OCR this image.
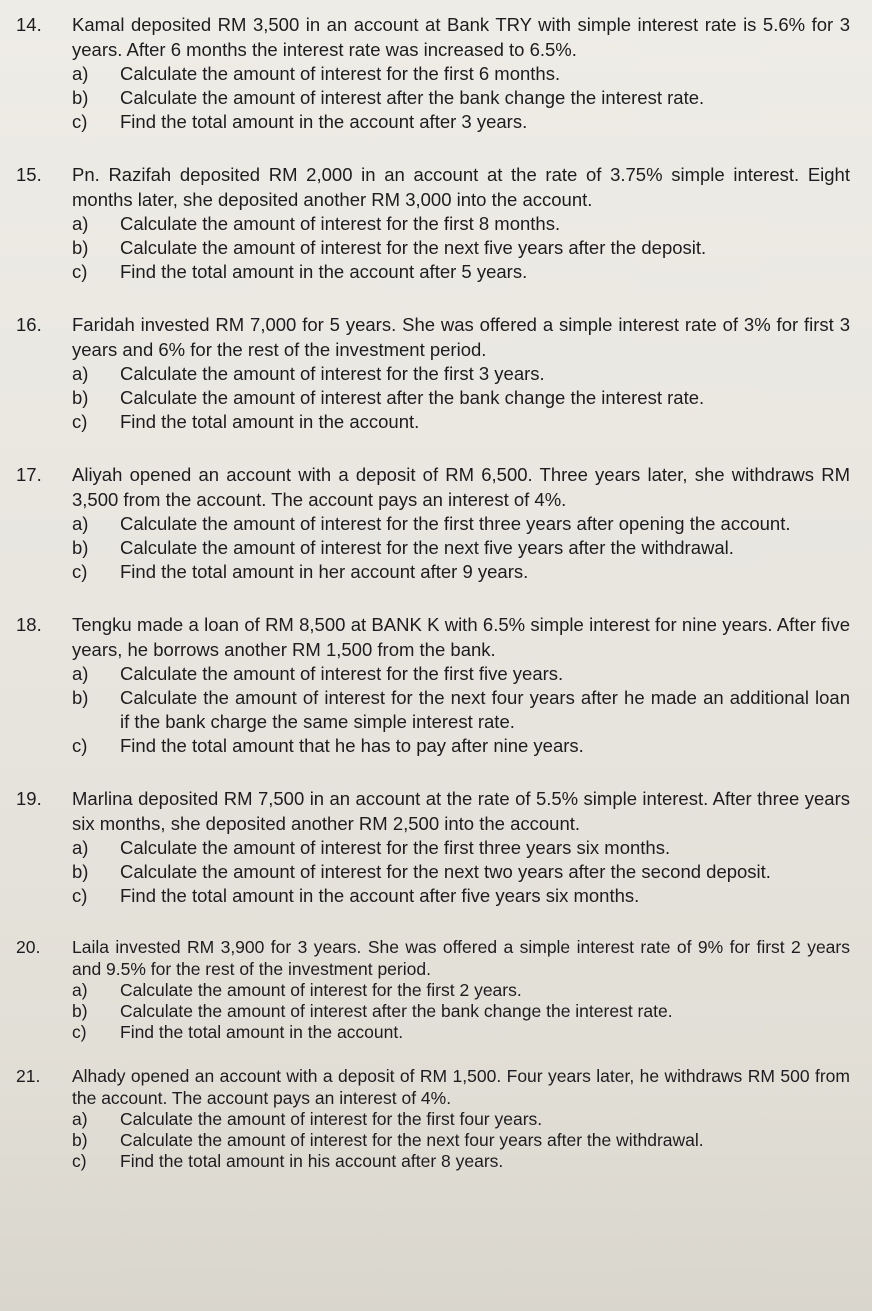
14.	Kamal deposited RM 3,500 in an account at Bank TRY with simple interest rate is 5.6% for 3 years. After 6 months the interest rate was increased to 6.5%.
a)	Calculate the amount of interest for the first 6 months.
b)	Calculate the amount of interest after the bank change the interest rate.
c)	Find the total amount in the account after 3 years.
15.	Pn. Razifah deposited RM 2,000 in an account at the rate of 3.75% simple interest. Eight months later, she deposited another RM 3,000 into the account.
a)	Calculate the amount of interest for the first 8 months.
b)	Calculate the amount of interest for the next five years after the deposit.
c)	Find the total amount in the account after 5 years.
16.	Faridah invested RM 7,000 for 5 years. She was offered a simple interest rate of 3% for first 3 years and 6% for the rest of the investment period.
a)	Calculate the amount of interest for the first 3 years.
b)	Calculate the amount of interest after the bank change the interest rate.
c)	Find the total amount in the account.
17.	Aliyah opened an account with a deposit of RM 6,500. Three years later, she withdraws RM 3,500 from the account. The account pays an interest of 4%.
a)	Calculate the amount of interest for the first three years after opening the account.
b)	Calculate the amount of interest for the next five years after the withdrawal.
c)	Find the total amount in her account after 9 years.
18.	Tengku made a loan of RM 8,500 at BANK K with 6.5% simple interest for nine years. After five years, he borrows another RM 1,500 from the bank.
a)	Calculate the amount of interest for the first five years.
b)	Calculate the amount of interest for the next four years after he made an additional loan if the bank charge the same simple interest rate.
c)	Find the total amount that he has to pay after nine years.
19.	Marlina deposited RM 7,500 in an account at the rate of 5.5% simple interest. After three years six months, she deposited another RM 2,500 into the account.
a)	Calculate the amount of interest for the first three years six months.
b)	Calculate the amount of interest for the next two years after the second deposit.
c)	Find the total amount in the account after five years six months.
20.	Laila invested RM 3,900 for 3 years. She was offered a simple interest rate of 9% for first 2 years and 9.5% for the rest of the investment period.
a)	Calculate the amount of interest for the first 2 years.
b)	Calculate the amount of interest after the bank change the interest rate.
c)	Find the total amount in the account.
21.	Alhady opened an account with a deposit of RM 1,500. Four years later, he withdraws RM 500 from the account. The account pays an interest of 4%.
a)	Calculate the amount of interest for the first four years.
b)	Calculate the amount of interest for the next four years after the withdrawal.
c)	Find the total amount in his account after 8 years.
